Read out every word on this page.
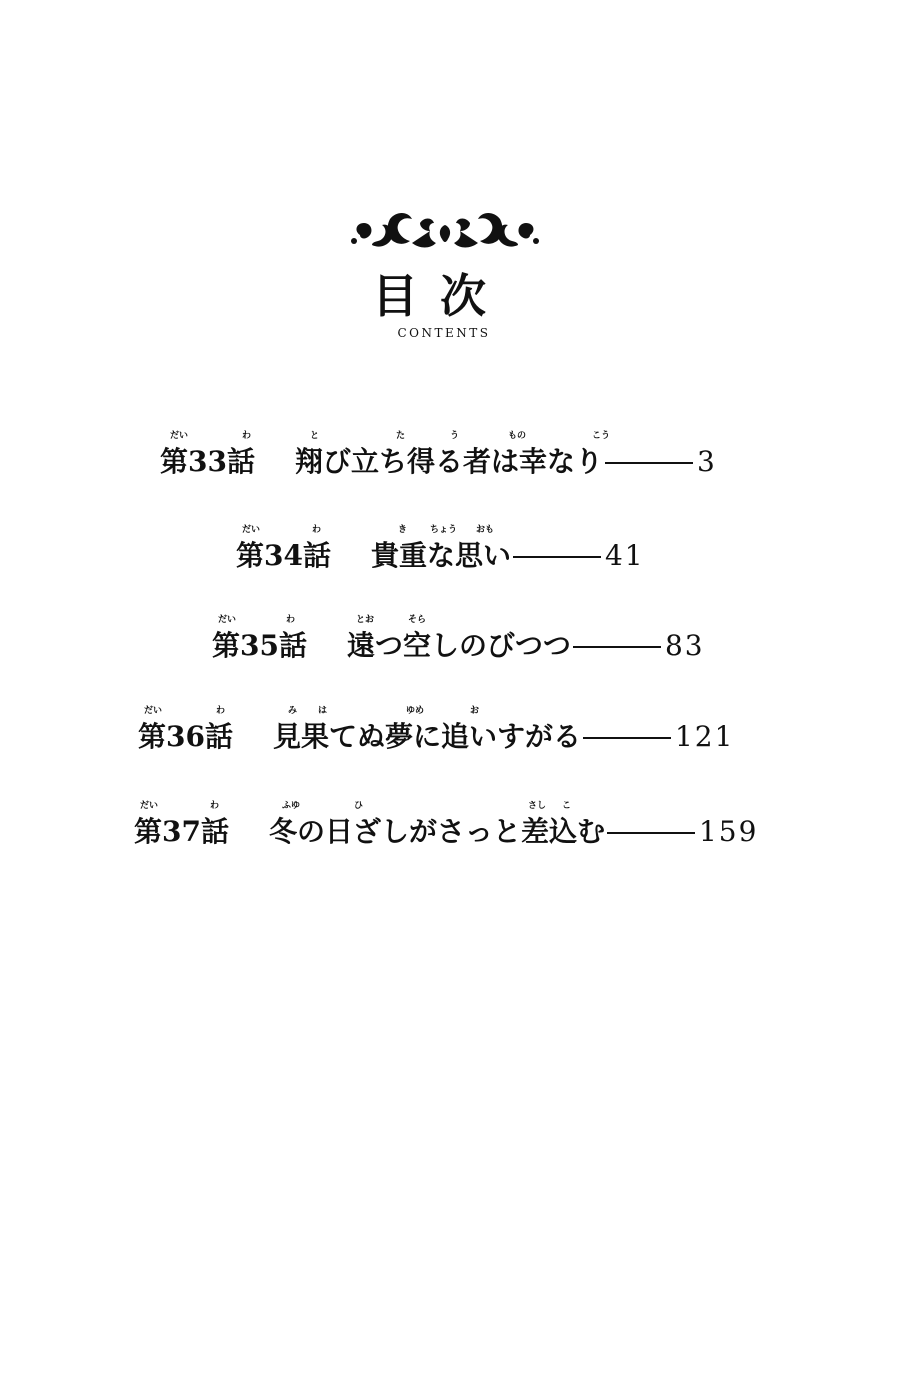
目次
CONTENTS
だい	わ	と	た	う	もの	こう
第33話 翔び立ち得る者は幸なり	3
だい	わ	き	ちょう おも
第34話 貴重な思い	41
だい	わ	とお	そら
第35話 遠つ空しのびつつ	83
だい	わ	み は	ゆめ	お
第36話 見果てぬ夢に追いすがる	121
だい	わ	ふゆ	ひ	さし こ
第37話 冬の日ざしがさっと差込む	159
